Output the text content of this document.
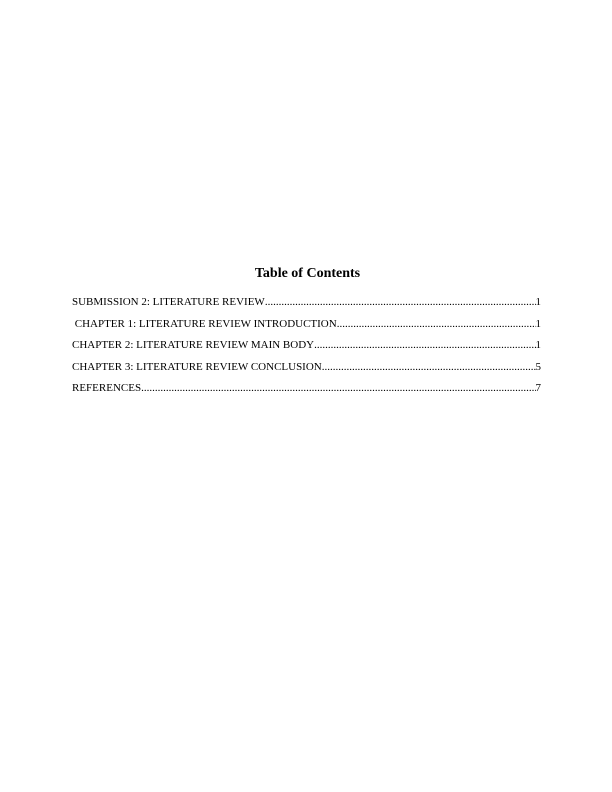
Table of Contents
SUBMISSION 2: LITERATURE REVIEW .....	1
CHAPTER 1: LITERATURE REVIEW INTRODUCTION .....	1
CHAPTER 2: LITERATURE REVIEW MAIN BODY .....	1
CHAPTER 3: LITERATURE REVIEW CONCLUSION .....	5
REFERENCES .....	7
